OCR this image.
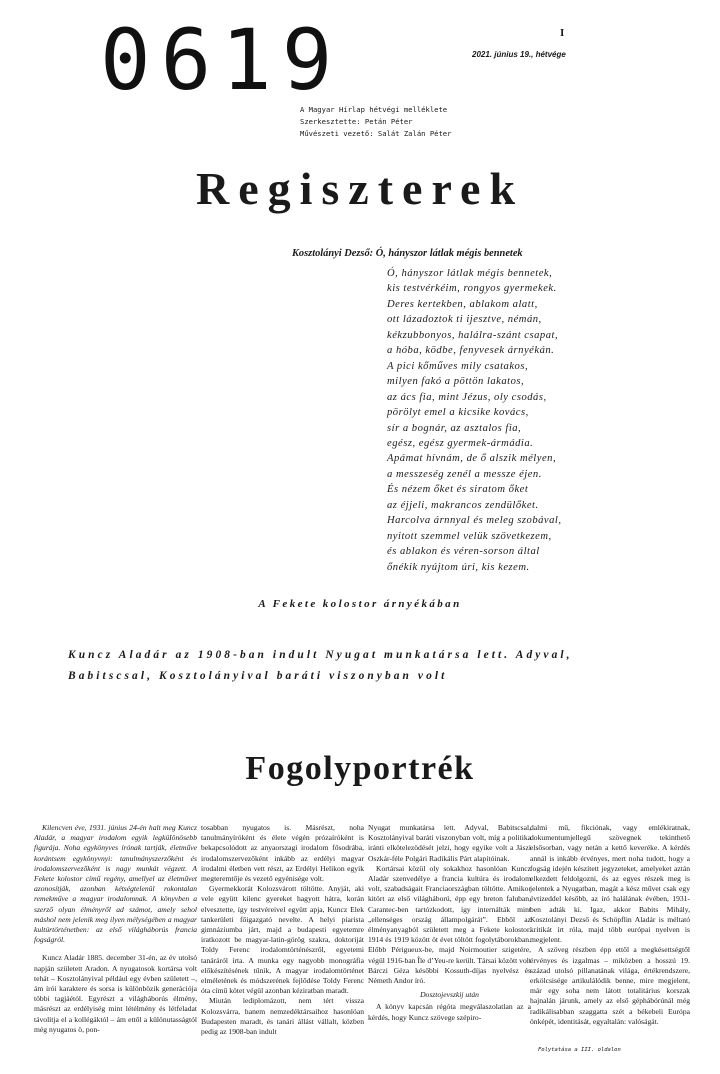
0619	I
2021. június 19., hétvége
A Magyar Hírlap hétvégi melléklete
Szerkesztette: Petán Péter
Művészeti vezető: Salát Zalán Péter
Regiszterek
Kosztolányi Dezső: Ó, hányszor látlak mégis bennetek
Ó, hányszor látlak mégis bennetek,
kis testvérkéim, rongyos gyermekek.
Deres kertekben, ablakom alatt,
ott lázadoztok ti ijesztve, némán,
kékzubbonyos, halálra-szánt csapat,
a hóba, ködbe, fenyvesek árnyékán.
A pici kőműves mily csatakos,
milyen fakó a pöttön lakatos,
az ács fia, mint Jézus, oly csodás,
pörölyt emel a kicsike kovács,
sír a bognár, az asztalos fia,
egész, egész gyermek-ármádia.
Apámat hívnám, de ő alszik mélyen,
a messzeség zenél a messze éjen.
És nézem őket és siratom őket
az éjjeli, makrancos zendülőket.
Harcolva árnnyal és meleg szobával,
nyitott szemmel velük szövetkezem,
és ablakon és véren-sorson által
őnékik nyújtom úri, kis kezem.
A Fekete kolostor árnyékában
Kuncz Aladár az 1908-ban indult Nyugat munkatársa lett. Adyval,
Babitscsal, Kosztolányival baráti viszonyban volt
Fogolyportrék

Kilencven éve, 1931. június 24-én halt meg Kuncz Aladár, a magyar irodalom egyik legküIönösebb figurája. Noha egykönyves írónak tartják, életműve korántsem egykönyvnyi: tanulmányszerzőként és irodalomszervezőként is nagy munkát végzett. A Fekete kolostor című regény, amellyel az életművet azonosítják, azonban kétségtelenül rokontalan remekműve a magyar irodalomnak. A könyvben a szerző olyan élményről ad számot, amely sehol máshol nem jelenik meg ilyen mélységében a magyar kultúrtörténetben: az első világháborús francia fogságról.

Kuncz Aladár 1885. december 31-én, az év utolsó napján született Aradon. A nyugatosok kortársa volt tehát – Kosztolányival például egy évben született –, ám írói karaktere és sorsa is különbözik generációja többi tagjáétól. Egyrészt a világháborús élmény, másrészt az erdélyiség mint létélmény és létfeladat távolítja el a kollégáktól – ám ettől a különutasságtól még nyugatos ö, pon-

tosabban nyugatos is. Másrészt, noha tanulmányíróként és élete végén prózaíróként is bekapcsolódott az anyaorszagi irodalom fősodrába, irodalomszervezőként inkább az erdélyi magyar irodalmi életben vett részt, az Erdélyi Helikon egyik megteremtője és vezető egyénisége volt.

Gyermekkorát Kolozsvárott töltötte. Anyját, aki vele együtt kilenc gyereket hagyott hátra, korán elvesztette, így testvéreivel együtt apja, Kuncz Elek tankerületi főigazgató nevelte. A helyi piarista gimnáziumba járt, majd a budapesti egyetemre iratkozott be magyar-latin-görög szakra, doktoriját Toldy Ferenc irodalomtörténészről, egyetemi tanáráról írta. A munka egy nagyobb monográfia előkészítésének tűnik, A magyar irodalomtörténet elméletének és módszerének fejlődése Toldy Ferenc óta című kötet végül azonban kéziratban maradt.

Miután lediplomázott, nem tért vissza Kolozsvárra, hanem nemzedéktársaihoz hasonlóan Budapesten maradt, és tanári állást vállalt, közben pedig az 1908-ban indult

Nyugat munkatársa lett. Adyval, Babitscsal, Kosztolányival baráti viszonyban volt, míg a politika iránti elkötelezödését jelzi, hogy egyike volt a Jászi Oszkár-féle Polgári Radikális Párt alapítóinak.

Kortársai közül oly sokakhoz hasonlóan Kuncz Aladár szenvedélye a francia kultúra és irodalom volt, szabadságait Franciaországban töltötte. Amikor kitört az első világháború, épp egy breton faluban, Carantec-ben tartózkodott, így internálták mint „ellenséges ország állampolgárát”. Ebből az élményanyagból született meg a Fekete kolostor. 1914 és 1919 között öt évet töltött fogolytáborokban. Előbb Périgueux-be, majd Noirmoutier szigetére, végül 1916-ban Île d’Yeu-re került. Társai között volt Bárczi Géza későbbi Kossuth-díjas nyelvész és Németh Andor író.

Dosztojevszkij után

A könyv kapcsán régóta megválaszolatlan az a kérdés, hogy Kuncz szövege szépiro-

dalmi mű, fikciónak, vagy emlékiratnak, dokumentumjellegű szövegnek tekinthető elsősorban, vagy netán a kettő keveréke. A kérdés annál is inkább érvényes, mert noha tudott, hogy a fogság idején készített jegyzeteket, amelyeket aztán elkezdett feldolgozni, és az egyes részek meg is jelentek a Nyugatban, magát a kész művet csak egy évtizeddel később, az író halálának évében, 1931-ben adták ki. Igaz, akkor Babits Mihály, Kosztolányi Dezső és Schöpflin Aladár is méltató kritikát írt róla, majd több európai nyelven is megjelent.

A szöveg részben épp ettől a megkésettségtől érvényes és izgalmas – miközben a hosszú 19. század utolsó pillanatának világa, értékrendszere, erkölcsisége artikulálódik benne, mire megjelent, már egy soha nem látott totalitárius korszak hajnalán járunk, amely az első géphábórúnál még radikálisabban szaggatta szét a békebeli Európa önképét, identitását, egyaltalán: valóságát.

Folytatása a III. oldalon
